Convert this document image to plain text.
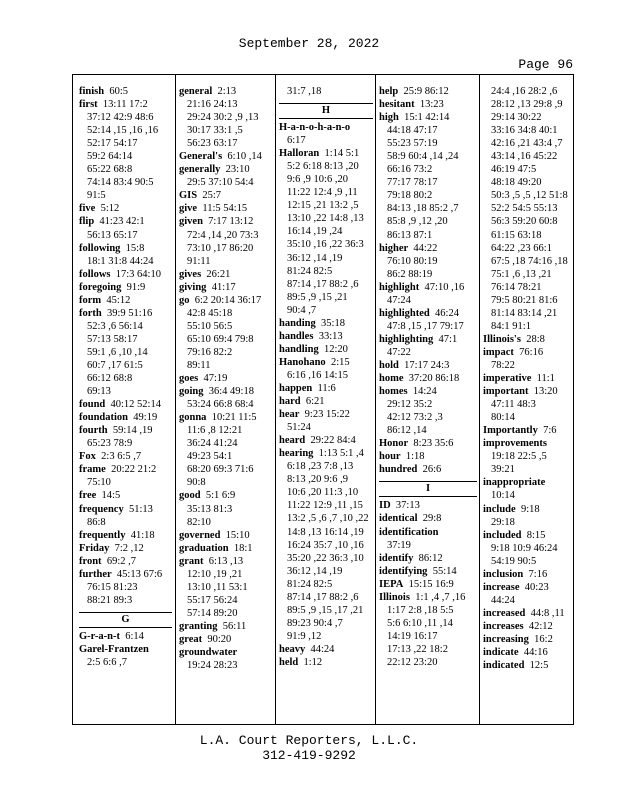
September 28, 2022
Page 96
finish  60:5
first  13:11 17:2
37:12 42:9 48:6
52:14 ,15 ,16 ,16
52:17 54:17
59:2 64:14
65:22 68:8
74:14 83:4 90:5
91:5
five  5:12
flip  41:23 42:1
56:13 65:17
following  15:8
18:1 31:8 44:24
follows  17:3 64:10
foregoing  91:9
form  45:12
forth  39:9 51:16
52:3 ,6 56:14
57:13 58:17
59:1 ,6 ,10 ,14
60:7 ,17 61:5
66:12 68:8
69:13
found  40:12 52:14
foundation  49:19
fourth  59:14 ,19
65:23 78:9
Fox  2:3 6:5 ,7
frame  20:22 21:2
75:10
free  14:5
frequency  51:13
86:8
frequently  41:18
Friday  7:2 ,12
front  69:2 ,7
further  45:13 67:6
76:15 81:23
88:21 89:3
G
G-r-a-n-t  6:14
Garel-Frantzen
2:5 6:6 ,7
general  2:13
21:16 24:13
29:24 30:2 ,9 ,13
30:17 33:1 ,5
56:23 63:17
General's  6:10 ,14
generally  23:10
29:5 37:10 54:4
GIS  25:7
give  11:5 54:15
given  7:17 13:12
72:4 ,14 ,20 73:3
73:10 ,17 86:20
91:11
gives  26:21
giving  41:17
go  6:2 20:14 36:17
42:8 45:18
55:10 56:5
65:10 69:4 79:8
79:16 82:2
89:11
goes  47:19
going  36:4 49:18
53:24 66:8 68:4
gonna  10:21 11:5
11:6 ,8 12:21
36:24 41:24
49:23 54:1
68:20 69:3 71:6
90:8
good  5:1 6:9
35:13 81:3
82:10
governed  15:10
graduation  18:1
grant  6:13 ,13
12:10 ,19 ,21
13:10 ,11 53:1
55:17 56:24
57:14 89:20
granting  56:11
great  90:20
groundwater
19:24 28:23
31:7 ,18
H
H-a-n-o-h-a-n-o
6:17
Halloran  1:14 5:1
5:2 6:18 8:13 ,20
9:6 ,9 10:6 ,20
11:22 12:4 ,9 ,11
12:15 ,21 13:2 ,5
13:10 ,22 14:8 ,13
16:14 ,19 ,24
35:10 ,16 ,22 36:3
36:12 ,14 ,19
81:24 82:5
87:14 ,17 88:2 ,6
89:5 ,9 ,15 ,21
90:4 ,7
handing  35:18
handles  33:13
handling  12:20
Hanohano  2:15
6:16 ,16 14:15
happen  11:6
hard  6:21
hear  9:23 15:22
51:24
heard  29:22 84:4
hearing  1:13 5:1 ,4
6:18 ,23 7:8 ,13
8:13 ,20 9:6 ,9
10:6 ,20 11:3 ,10
11:22 12:9 ,11 ,15
13:2 ,5 ,6 ,7 ,10 ,22
14:8 ,13 16:14 ,19
16:24 35:7 ,10 ,16
35:20 ,22 36:3 ,10
36:12 ,14 ,19
81:24 82:5
87:14 ,17 88:2 ,6
89:5 ,9 ,15 ,17 ,21
89:23 90:4 ,7
91:9 ,12
heavy  44:24
held  1:12
help  25:9 86:12
hesitant  13:23
high  15:1 42:14
44:18 47:17
55:23 57:19
58:9 60:4 ,14 ,24
66:16 73:2
77:17 78:17
79:18 80:2
84:13 ,18 85:2 ,7
85:8 ,9 ,12 ,20
86:13 87:1
higher  44:22
76:10 80:19
86:2 88:19
highlight  47:10 ,16
47:24
highlighted  46:24
47:8 ,15 ,17 79:17
highlighting  47:1
47:22
hold  17:17 24:3
home  37:20 86:18
homes  14:24
29:12 35:2
42:12 73:2 ,3
86:12 ,14
Honor  8:23 35:6
hour  1:18
hundred  26:6
I
ID  37:13
identical  29:8
identification
37:19
identify  86:12
identifying  55:14
IEPA  15:15 16:9
Illinois  1:1 ,4 ,7 ,16
1:17 2:8 ,18 5:5
5:6 6:10 ,11 ,14
14:19 16:17
17:13 ,22 18:2
22:12 23:20
24:4 ,16 28:2 ,6
28:12 ,13 29:8 ,9
29:14 30:22
33:16 34:8 40:1
42:16 ,21 43:4 ,7
43:14 ,16 45:22
46:19 47:5
48:18 49:20
50:3 ,5 ,5 ,12 51:8
52:2 54:5 55:13
56:3 59:20 60:8
61:15 63:18
64:22 ,23 66:1
67:5 ,18 74:16 ,18
75:1 ,6 ,13 ,21
76:14 78:21
79:5 80:21 81:6
81:14 83:14 ,21
84:1 91:1
Illinois's  28:8
impact  76:16
78:22
imperative  11:1
important  13:20
47:11 48:3
80:14
Importantly  7:6
improvements
19:18 22:5 ,5
39:21
inappropriate
10:14
include  9:18
29:18
included  8:15
9:18 10:9 46:24
54:19 90:5
inclusion  7:16
increase  40:23
44:24
increased  44:8 ,11
increases  42:12
increasing  16:2
indicate  44:16
indicated  12:5
L.A. Court Reporters, L.L.C.
312-419-9292
